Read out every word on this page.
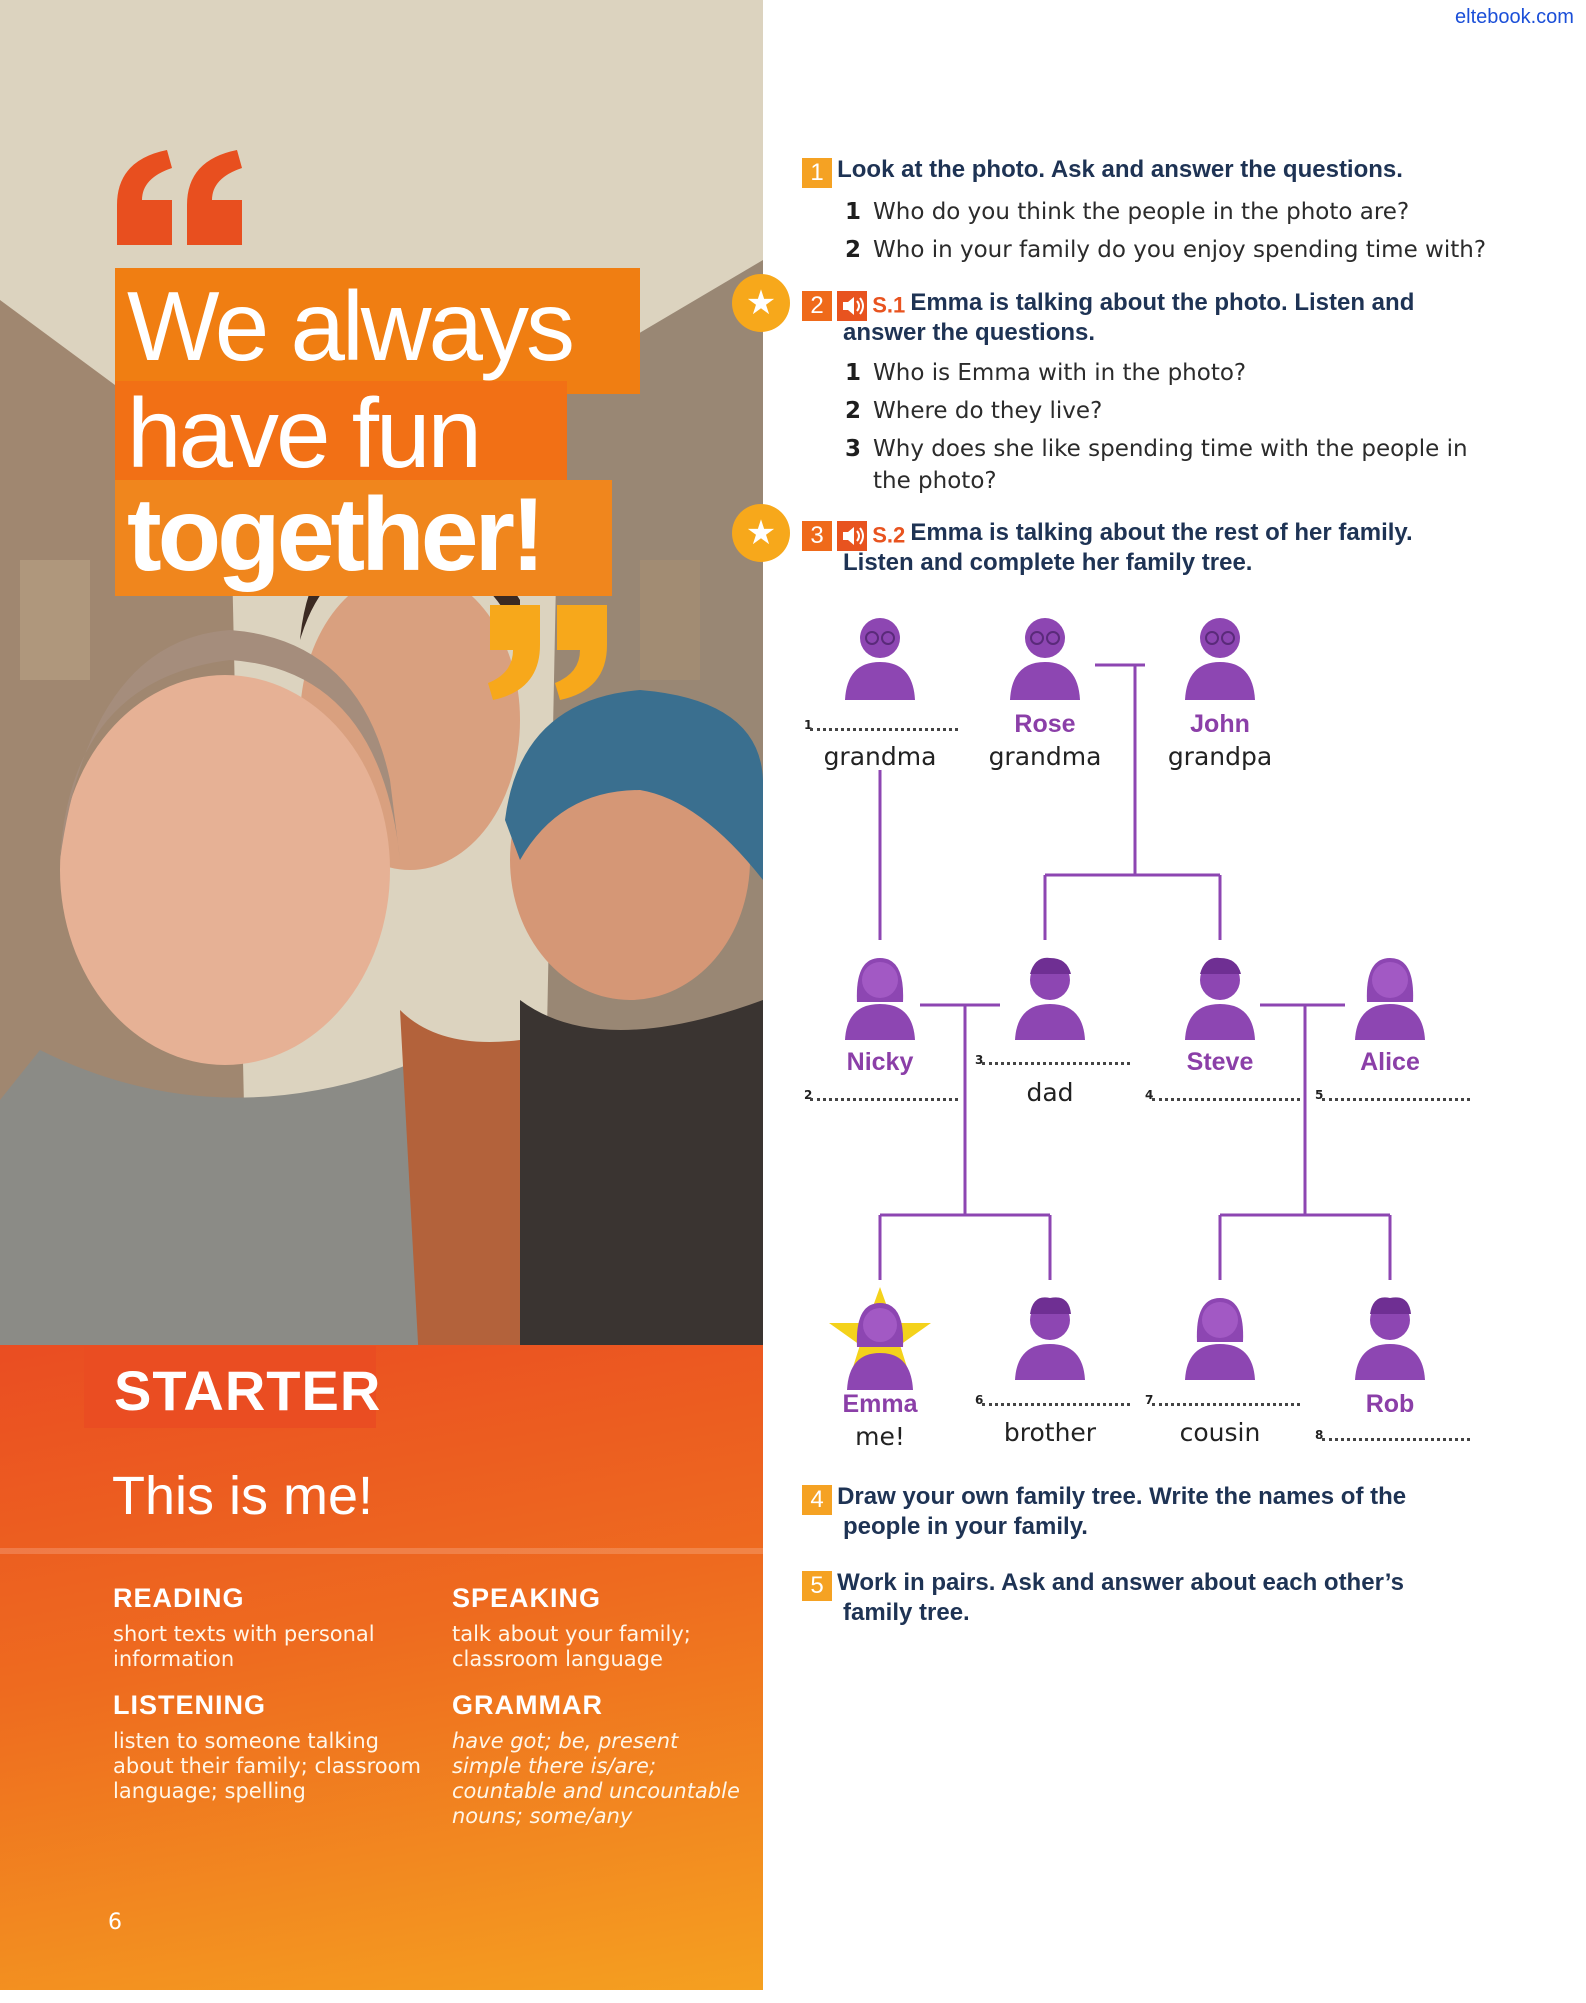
We always
have fun
together!
STARTER
This is me!
READING
short texts with personal information
SPEAKING
talk about your family; classroom language
LISTENING
listen to someone talking about their family; classroom language; spelling
GRAMMAR
have got; be, present simple there is/are; countable and uncountable nouns; some/any
6
eltebook.com
1 Look at the photo. Ask and answer the questions.
1 Who do you think the people in the photo are?
2 Who in your family do you enjoy spending time with?
★	2 S.1 Emma is talking about the photo. Listen and
answer the questions.
1 Who is Emma with in the photo?
2 Where do they live?
3 Why does she like spending time with the people in
the photo?
★	3 S.2 Emma is talking about the rest of her family.
Listen and complete her family tree.
1
grandma
Rose
grandma
John
grandpa
Nicky
2
3
dad
Steve
4
Alice
5
Emma
me!
6
brother
7
cousin
Rob
8
4 Draw your own family tree. Write the names of the
people in your family.
5 Work in pairs. Ask and answer about each other’s
family tree.
